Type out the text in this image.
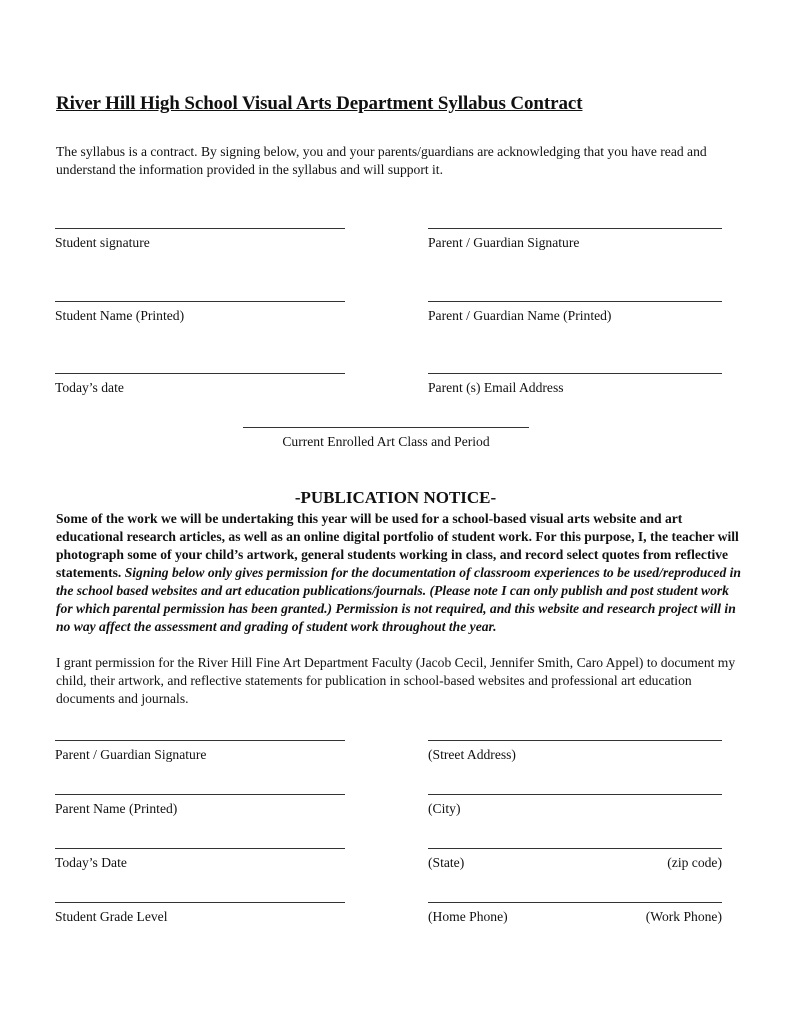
River Hill High School Visual Arts Department Syllabus Contract
The syllabus is a contract. By signing below, you and your parents/guardians are acknowledging that you have read and understand the information provided in the syllabus and will support it.
Student signature	Parent / Guardian Signature
Student Name (Printed)	Parent / Guardian Name (Printed)
Today’s date	Parent (s) Email Address
Current Enrolled Art Class and Period
-PUBLICATION NOTICE-
Some of the work we will be undertaking this year will be used for a school-based visual arts website and art educational research articles, as well as an online digital portfolio of student work. For this purpose, I, the teacher will photograph some of your child’s artwork, general students working in class, and record select quotes from reflective statements. Signing below only gives permission for the documentation of classroom experiences to be used/reproduced in the school based websites and art education publications/journals. (Please note I can only publish and post student work for which parental permission has been granted.) Permission is not required, and this website and research project will in no way affect the assessment and grading of student work throughout the year.
I grant permission for the River Hill Fine Art Department Faculty (Jacob Cecil, Jennifer Smith, Caro Appel) to document my child, their artwork, and reflective statements for publication in school-based websites and professional art education documents and journals.
Parent / Guardian Signature	(Street Address)
Parent Name (Printed)	(City)
Today’s Date	(State)	(zip code)
Student Grade Level	(Home Phone)	(Work Phone)
